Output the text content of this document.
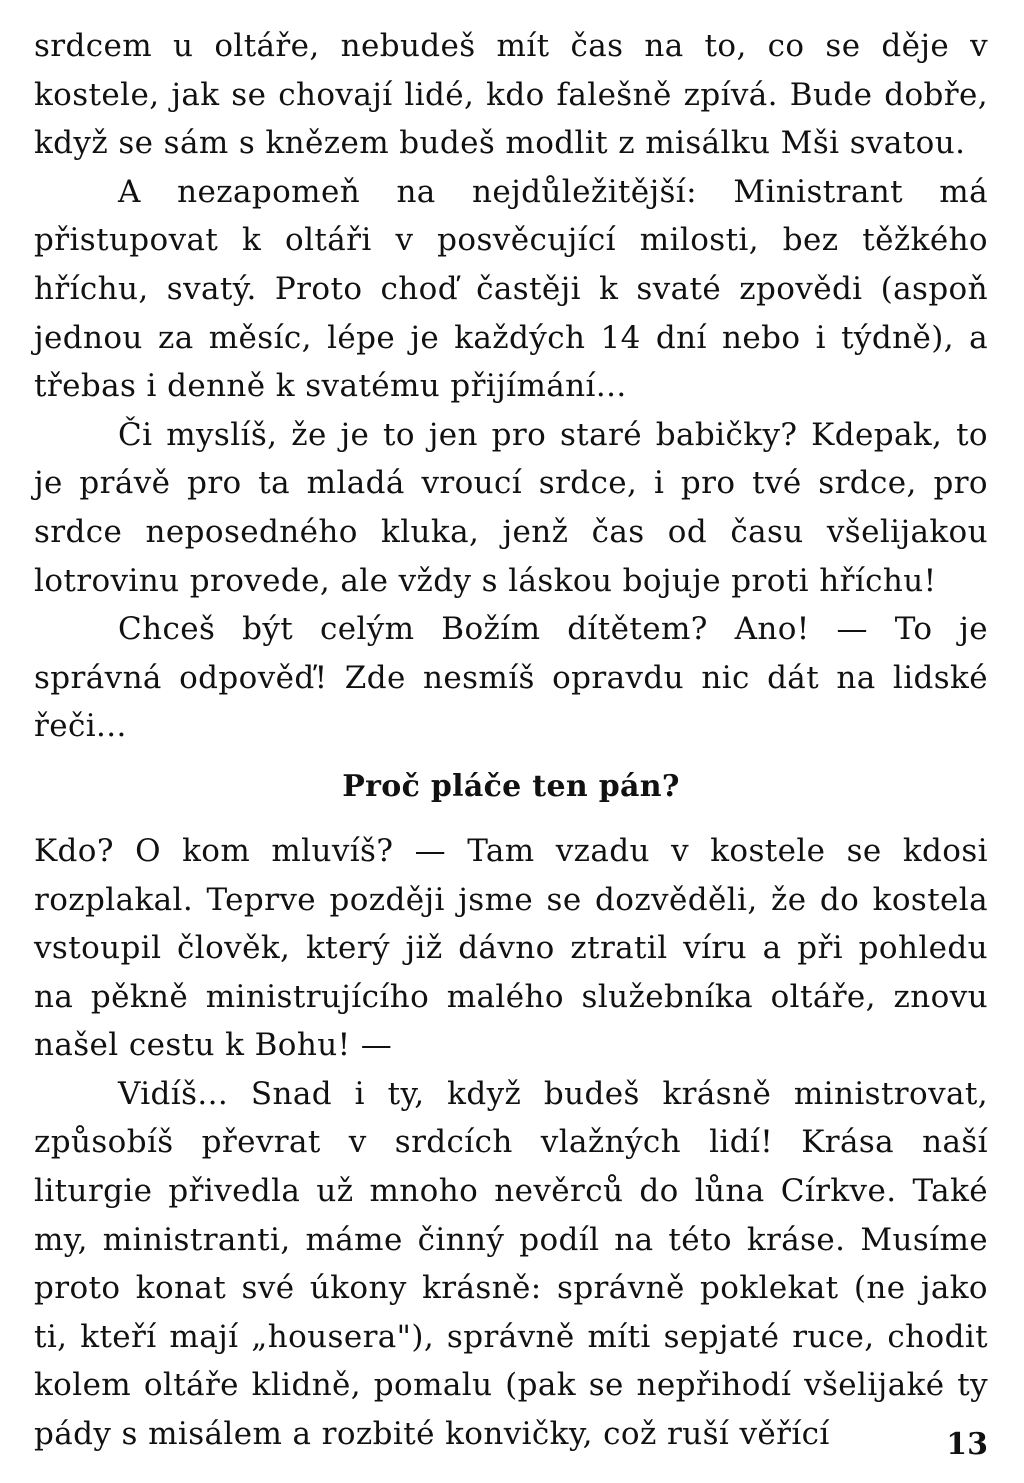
srdcem u oltáře, nebudeš mít čas na to, co se děje v kostele, jak se chovají lidé, kdo falešně zpívá. Bude dobře, když se sám s knězem budeš modlit z misálku Mši svatou.

A nezapomeň na nejdůležitější: Ministrant má přistupovat k oltáři v posvěcující milosti, bez těžkého hříchu, svatý. Proto choď častěji k svaté zpovědi (aspoň jednou za měsíc, lépe je každých 14 dní nebo i týdně), a třebas i denně k svatému přijímání...

Či myslíš, že je to jen pro staré babičky? Kdepak, to je právě pro ta mladá vroucí srdce, i pro tvé srdce, pro srdce neposedného kluka, jenž čas od času všelijakou lotrovinu provede, ale vždy s láskou bojuje proti hříchu!

Chceš být celým Božím dítětem? Ano! — To je správná odpověď! Zde nesmíš opravdu nic dát na lidské řeči...

Proč pláče ten pán?

Kdo? O kom mluvíš? — Tam vzadu v kostele se kdosi rozplakal. Teprve později jsme se dozvěděli, že do kostela vstoupil člověk, který již dávno ztratil víru a při pohledu na pěkně ministrujícího malého služebníka oltáře, znovu našel cestu k Bohu! —

Vidíš... Snad i ty, když budeš krásně ministrovat, způsobíš převrat v srdcích vlažných lidí! Krása naší liturgie přivedla už mnoho nevěrců do lůna Církve. Také my, ministranti, máme činný podíl na této kráse. Musíme proto konat své úkony krásně: správně poklekat (ne jako ti, kteří mají „housera"), správně míti sepjaté ruce, chodit kolem oltáře klidně, pomalu (pak se nepřihodí všelijaké ty pády s misálem a rozbité konvičky, což ruší věřící	13
